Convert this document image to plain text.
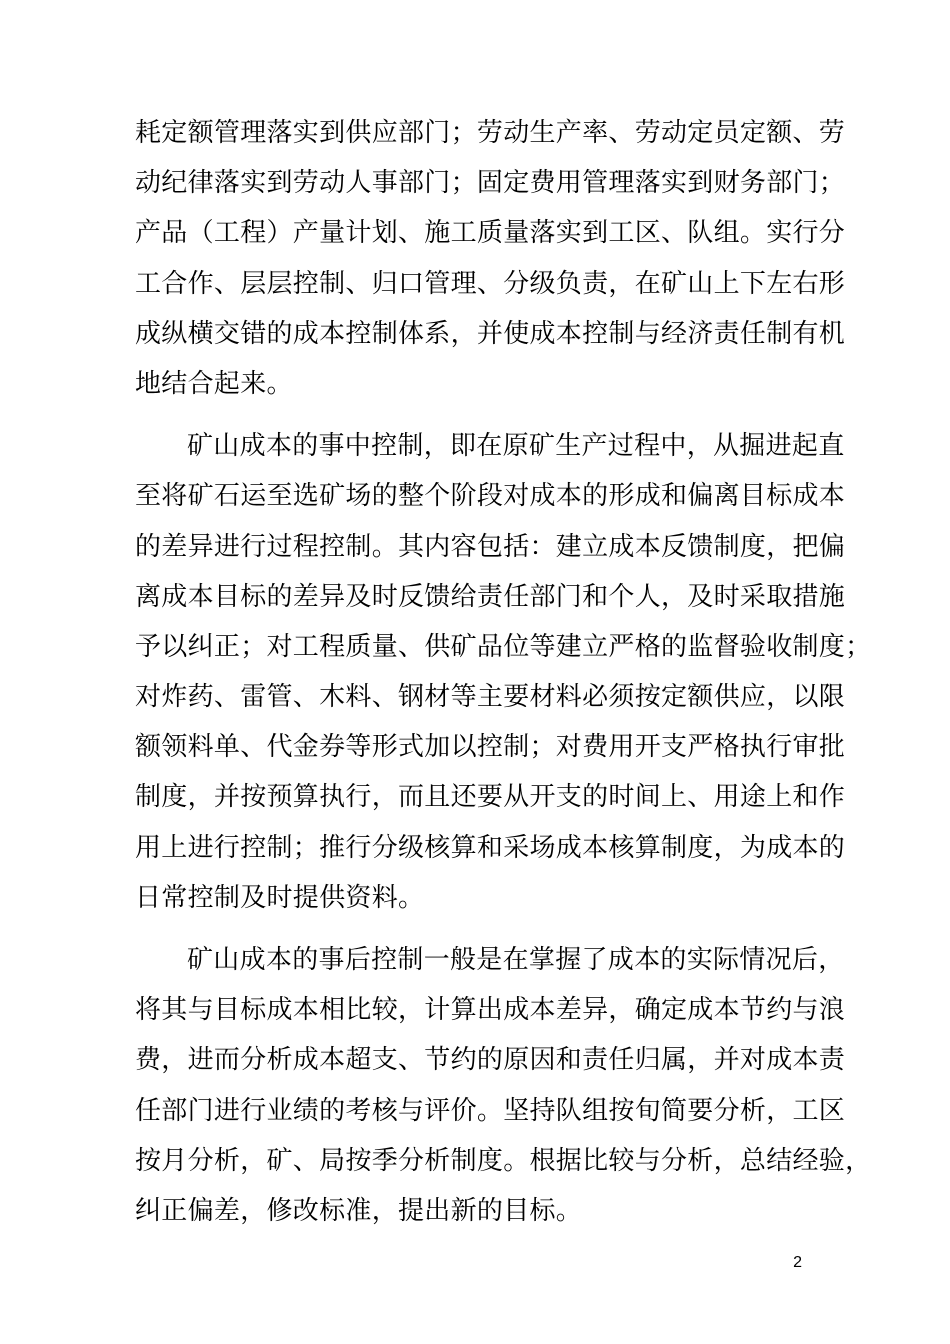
耗定额管理落实到供应部门；劳动生产率、劳动定员定额、劳
动纪律落实到劳动人事部门；固定费用管理落实到财务部门；
产品（工程）产量计划、施工质量落实到工区、队组。实行分
工合作、层层控制、归口管理、分级负责，在矿山上下左右形
成纵横交错的成本控制体系，并使成本控制与经济责任制有机
地结合起来。
矿山成本的事中控制，即在原矿生产过程中，从掘进起直
至将矿石运至选矿场的整个阶段对成本的形成和偏离目标成本
的差异进行过程控制。其内容包括：建立成本反馈制度，把偏
离成本目标的差异及时反馈给责任部门和个人，及时采取措施
予以纠正；对工程质量、供矿品位等建立严格的监督验收制度；
对炸药、雷管、木料、钢材等主要材料必须按定额供应，以限
额领料单、代金券等形式加以控制；对费用开支严格执行审批
制度，并按预算执行，而且还要从开支的时间上、用途上和作
用上进行控制；推行分级核算和采场成本核算制度，为成本的
日常控制及时提供资料。
矿山成本的事后控制一般是在掌握了成本的实际情况后，
将其与目标成本相比较，计算出成本差异，确定成本节约与浪
费，进而分析成本超支、节约的原因和责任归属，并对成本责
任部门进行业绩的考核与评价。坚持队组按旬简要分析，工区
按月分析，矿、局按季分析制度。根据比较与分析，总结经验，
纠正偏差，修改标准，提出新的目标。
2
